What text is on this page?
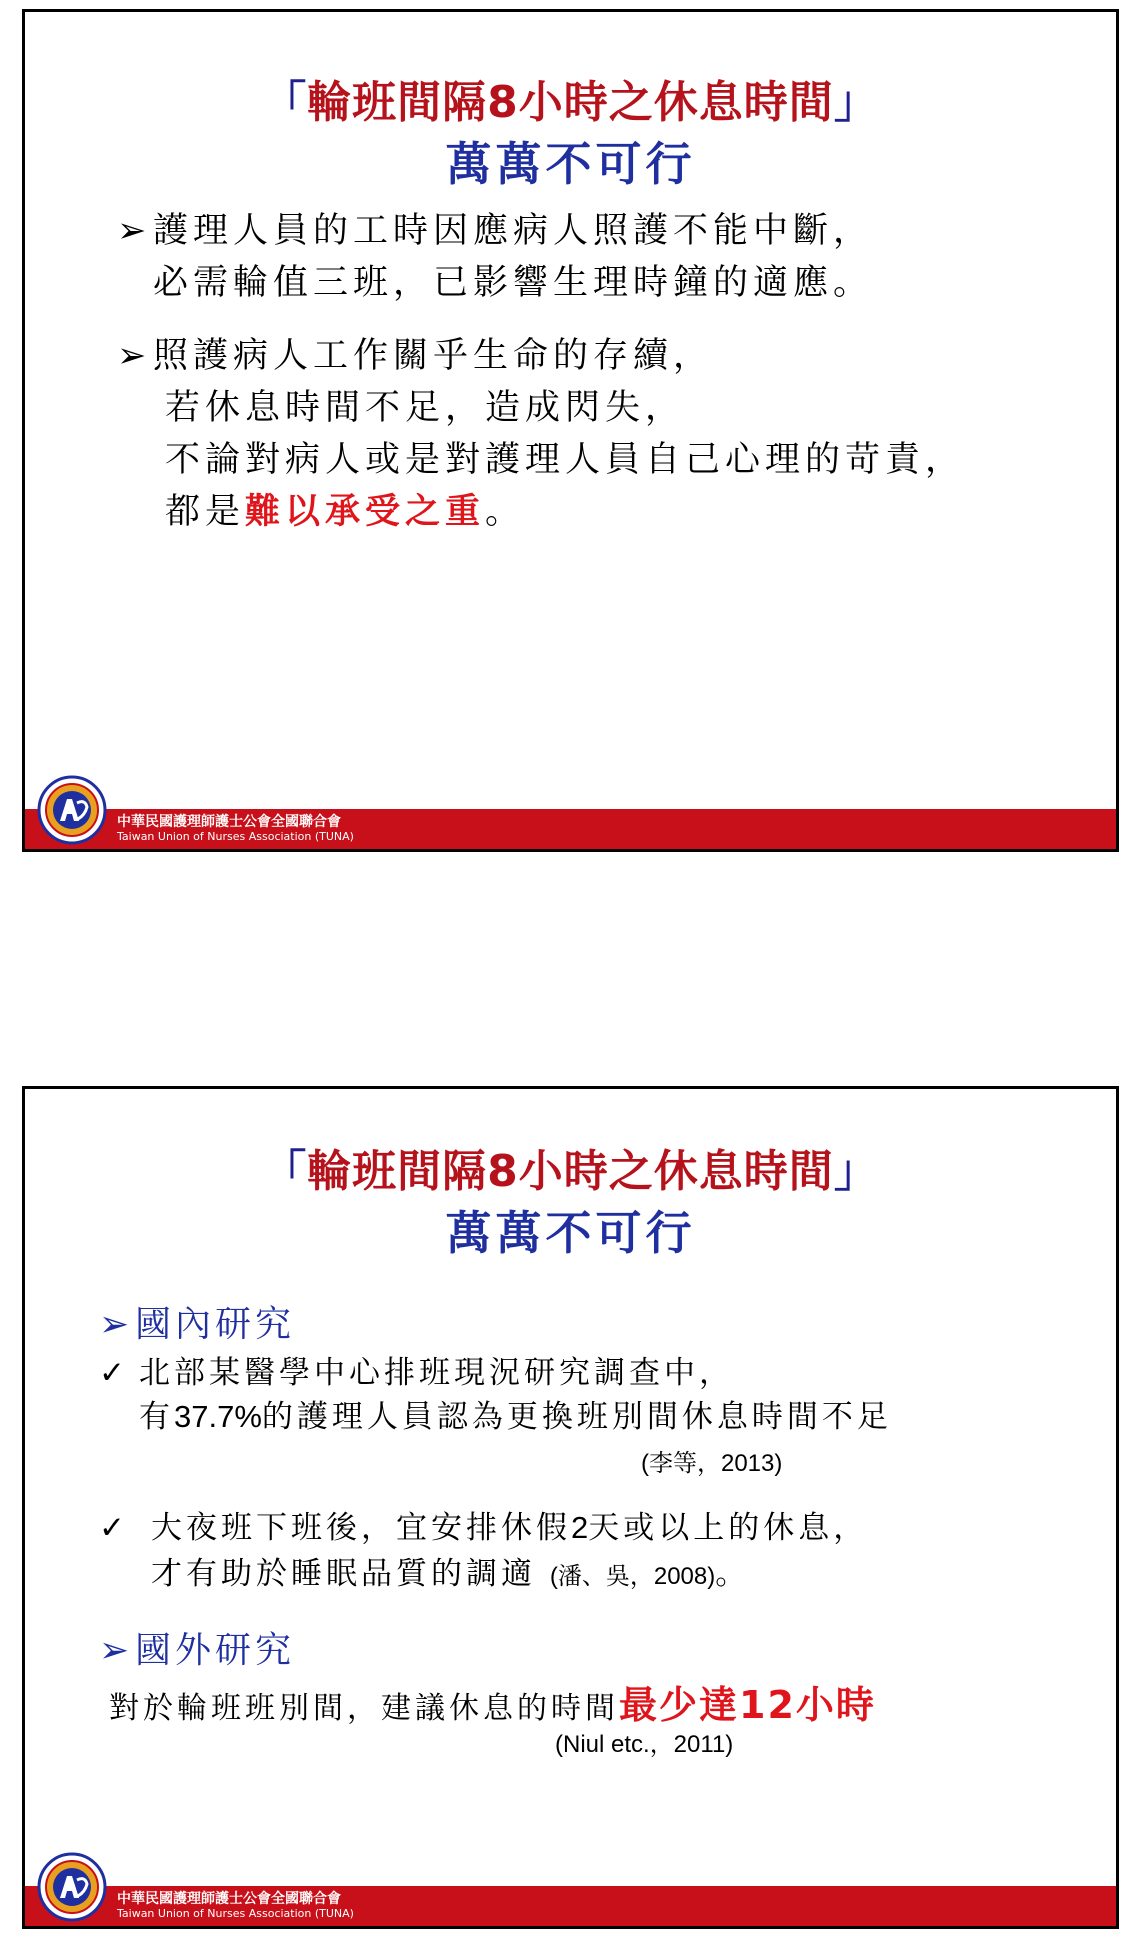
「輪班間隔8小時之休息時間」
萬萬不可行
➢護理人員的工時因應病人照護不能中斷，
必需輪值三班，已影響生理時鐘的適應。
➢照護病人工作關乎生命的存續，
若休息時間不足，造成閃失，
不論對病人或是對護理人員自己心理的苛責，
都是難以承受之重。
中華民國護理師護士公會全國聯合會
Taiwan Union of Nurses Association (TUNA)
「輪班間隔8小時之休息時間」
萬萬不可行
➢國內研究
✓ 北部某醫學中心排班現況研究調查中，
有37.7%的護理人員認為更換班別間休息時間不足
(李等，2013)
✓ 大夜班下班後，宜安排休假2天或以上的休息，
才有助於睡眠品質的調適 (潘、吳，2008)。
➢國外研究
對於輪班班別間，建議休息的時間最少達12小時
(Niul etc.，2011)
中華民國護理師護士公會全國聯合會
Taiwan Union of Nurses Association (TUNA)
